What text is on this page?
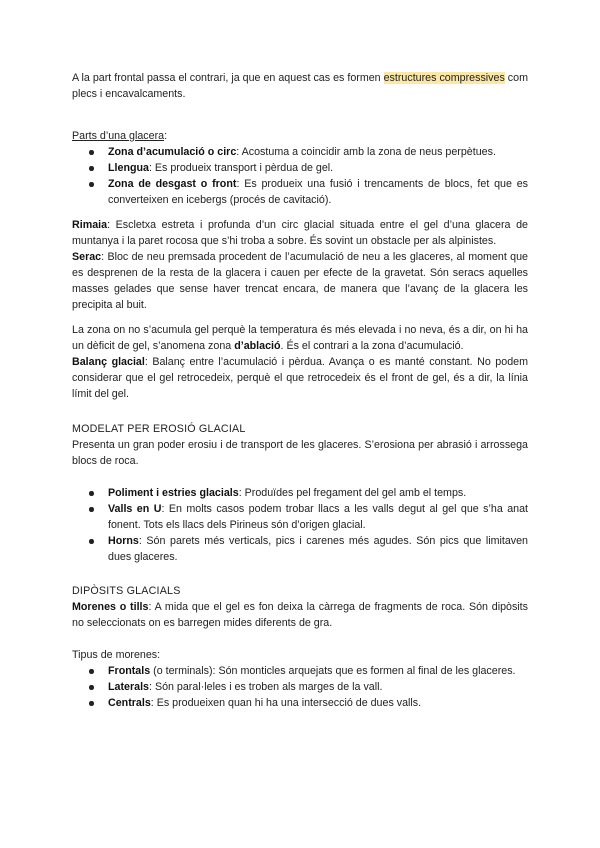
A la part frontal passa el contrari, ja que en aquest cas es formen estructures compressives com plecs i encavalcaments.

Parts d’una glacera:

Zona d’acumulació o circ: Acostuma a coincidir amb la zona de neus perpètues.
Llengua: Es produeix transport i pèrdua de gel.
Zona de desgast o front: Es produeix una fusió i trencaments de blocs, fet que es converteixen en icebergs (procés de cavitació).

Rimaia: Escletxa estreta i profunda d’un circ glacial situada entre el gel d’una glacera de muntanya i la paret rocosa que s’hi troba a sobre. És sovint un obstacle per als alpinistes.

Serac: Bloc de neu premsada procedent de l’acumulació de neu a les glaceres, al moment que es desprenen de la resta de la glacera i cauen per efecte de la gravetat. Són seracs aquelles masses gelades que sense haver trencat encara, de manera que l’avanç de la glacera les precipita al buit.

La zona on no s’acumula gel perquè la temperatura és més elevada i no neva, és a dir, on hi ha un dèficit de gel, s’anomena zona d’ablació. És el contrari a la zona d’acumulació.

Balanç glacial: Balanç entre l’acumulació i pèrdua. Avança o es manté constant. No podem considerar que el gel retrocedeix, perquè el que retrocedeix és el front de gel, és a dir, la línia límit del gel.

MODELAT PER EROSIÓ GLACIAL

Presenta un gran poder erosiu i de transport de les glaceres. S’erosiona per abrasió i arrossega blocs de roca.

Poliment i estries glacials: Produïdes pel fregament del gel amb el temps.
Valls en U: En molts casos podem trobar llacs a les valls degut al gel que s’ha anat fonent. Tots els llacs dels Pirineus són d’origen glacial.
Horns: Són parets més verticals, pics i carenes més agudes. Són pics que limitaven dues glaceres.

DIPÒSITS GLACIALS

Morenes o tills: A mida que el gel es fon deixa la càrrega de fragments de roca. Són dipòsits no seleccionats on es barregen mides diferents de gra.

Tipus de morenes:

Frontals (o terminals): Són monticles arquejats que es formen al final de les glaceres.
Laterals: Són paral·leles i es troben als marges de la vall.
Centrals: Es produeixen quan hi ha una intersecció de dues valls.
